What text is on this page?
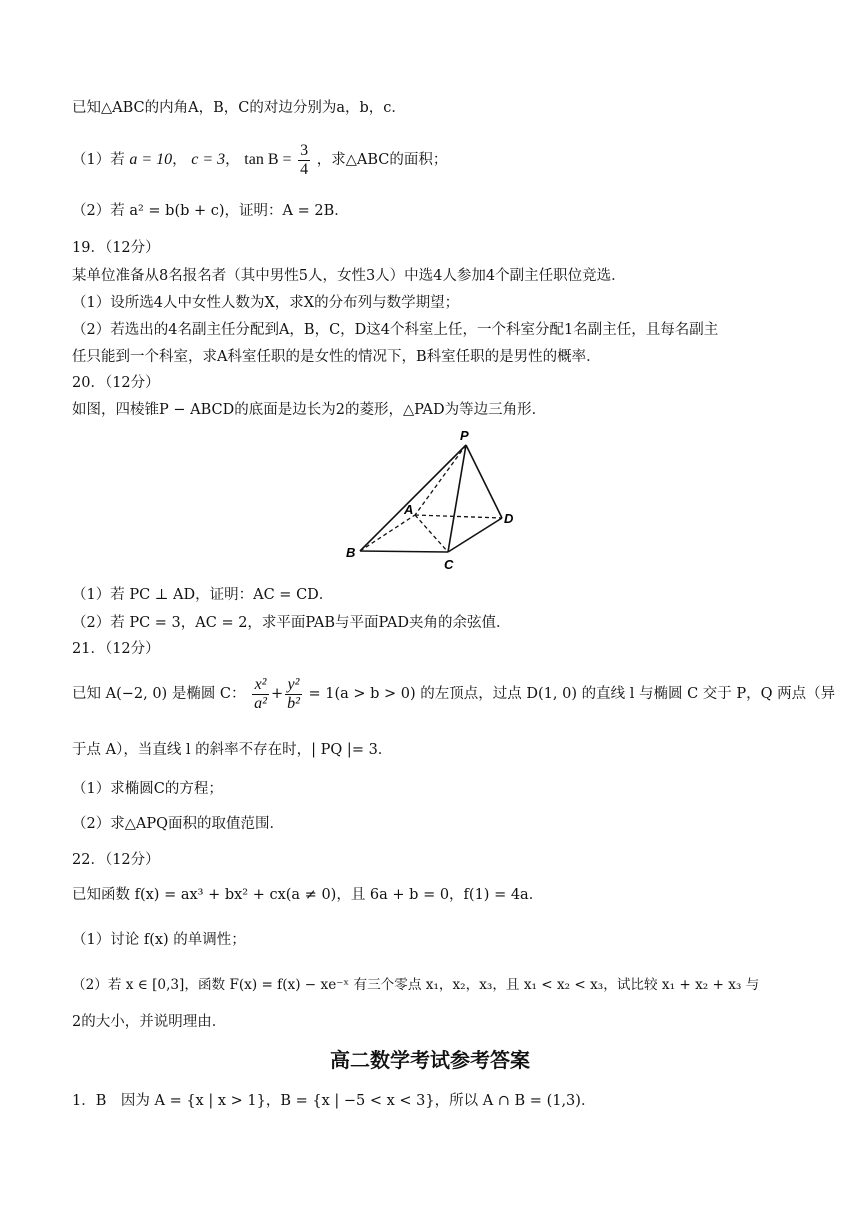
已知△ABC的内角A，B，C的对边分别为a，b，c．
（1）若 a = 10， c = 3， $\tan B = \frac{3}{4}$ ，求△ABC的面积；
（2）若 a² = b(b + c)，证明：A = 2B．
19．（12分）
某单位准备从8名报名者（其中男性5人，女性3人）中选4人参加4个副主任职位竞选．
（1）设所选4人中女性人数为X，求X的分布列与数学期望；
（2）若选出的4名副主任分配到A，B，C，D这4个科室上任，一个科室分配1名副主任，且每名副主
任只能到一个科室，求A科室任职的是女性的情况下，B科室任职的是男性的概率．
20．（12分）
如图，四棱锥P − ABCD的底面是边长为2的菱形，△PAD为等边三角形．
P
A
B
C
D
（1）若 PC ⊥ AD，证明：AC = CD．
（2）若 PC = 3，AC = 2，求平面PAB与平面PAD夹角的余弦值．
21．（12分）
已知 A(−2, 0) 是椭圆 C： $\frac{\text{x²}}{\text{a²}} + \frac{\text{y²}}{\text{b²}} = 1(a > b > 0)$ 的左顶点，过点 D(1, 0) 的直线 l 与椭圆 C 交于 P，Q 两点（异
于点 A），当直线 l 的斜率不存在时，| PQ |= 3．
（1）求椭圆C的方程；
（2）求△APQ面积的取值范围．
22．（12分）
已知函数 f(x) = ax³ + bx² + cx(a ≠ 0)，且 6a + b = 0，f(1) = 4a．
（1）讨论 f(x) 的单调性；
（2）若 x ∈ [0,3]，函数 F(x) = f(x) − xe⁻ˣ 有三个零点 x₁，x₂，x₃，且 x₁ < x₂ < x₃，试比较 x₁ + x₂ + x₃ 与
2的大小，并说明理由．
高二数学考试参考答案
1．B　因为 A = {x | x > 1}，B = {x | −5 < x < 3}，所以 A ∩ B = (1,3)．
